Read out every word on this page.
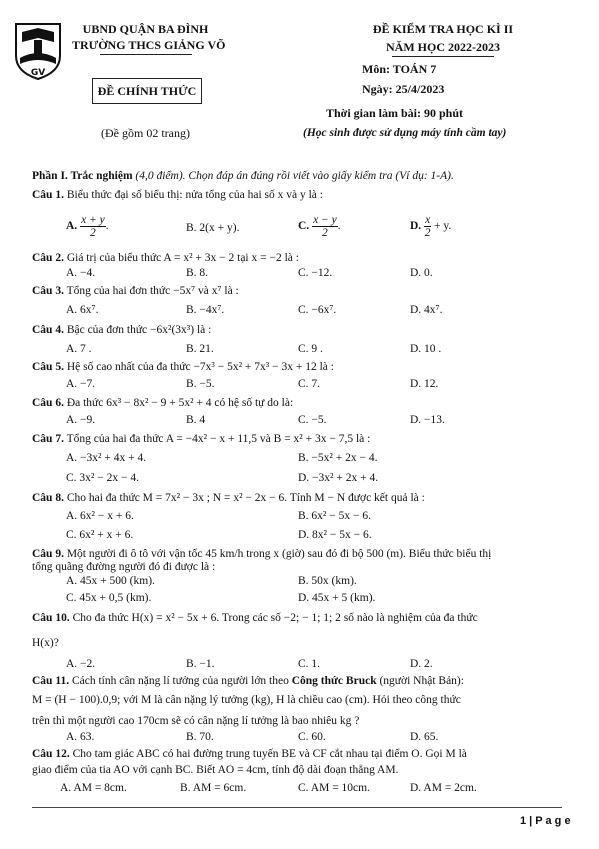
GV
UBND QUẬN BA ĐÌNH
TRƯỜNG THCS GIẢNG VÕ
ĐỀ CHÍNH THỨC
(Đề gồm 02 trang)
ĐỀ KIỂM TRA HỌC KÌ II
NĂM HỌC 2022-2023
Môn: TOÁN 7
Ngày: 25/4/2023
Thời gian làm bài: 90 phút
(Học sinh được sử dụng máy tính cầm tay)
Phần I. Trắc nghiệm (4,0 điểm). Chọn đáp án đúng rồi viết vào giấy kiểm tra (Ví dụ: 1-A).
Câu 1. Biểu thức đại số biểu thị: nửa tổng của hai số x và y là :
A. $\frac{x + y}{2}$ .	B. 2(x + y).	C. $\frac{x - y}{2}$ .	D. $\frac{x}{2} + y$.
Câu 2. Giá trị của biểu thức A = x² + 3x − 2 tại x = −2 là :
A. −4.	B. 8.	C. −12.	D. 0.
Câu 3. Tổng của hai đơn thức −5x⁷ và x⁷ là :
A. 6x⁷.	B. −4x⁷.	C. −6x⁷.	D. 4x⁷.
Câu 4. Bậc của đơn thức −6x²(3x³) là :
A. 7 .	B. 21.	C. 9 .	D. 10 .
Câu 5. Hệ số cao nhất của đa thức −7x³ − 5x² + 7x³ − 3x + 12 là :
A. −7.	B. −5.	C. 7.	D. 12.
Câu 6. Đa thức 6x³ − 8x² − 9 + 5x² + 4 có hệ số tự do là:
A. −9.	B. 4	C. −5.	D. −13.
Câu 7. Tổng của hai đa thức A = −4x² − x + 11,5 và B = x² + 3x − 7,5 là :
A. −3x² + 4x + 4.	B. −5x² + 2x − 4.
C. 3x² − 2x − 4.	D. −3x² + 2x + 4.
Câu 8. Cho hai đa thức M = 7x² − 3x ; N = x² − 2x − 6. Tính M − N được kết quả là :
A. 6x² − x + 6.	B. 6x² − 5x − 6.
C. 6x² + x + 6.	D. 8x² − 5x − 6.
Câu 9. Một người đi ô tô với vận tốc 45 km/h trong x (giờ) sau đó đi bộ 500 (m). Biểu thức biểu thị
tổng quãng đường người đó đi được là :
A. 45x + 500 (km).	B. 50x (km).
C. 45x + 0,5 (km).	D. 45x + 5 (km).
Câu 10. Cho đa thức H(x) = x² − 5x + 6. Trong các số −2; − 1; 1; 2 số nào là nghiệm của đa thức
H(x)?
A. −2.	B. −1.	C. 1.	D. 2.
Câu 11. Cách tính cân nặng lí tưởng của người lớn theo Công thức Bruck (người Nhật Bản):
M = (H − 100).0,9; với M là cân nặng lý tưởng (kg), H là chiều cao (cm). Hỏi theo công thức
trên thì một người cao 170cm sẽ có cân nặng lí tưởng là bao nhiêu kg ?
A. 63.	B. 70.	C. 60.	D. 65.
Câu 12. Cho tam giác ABC có hai đường trung tuyến BE và CF cắt nhau tại điểm O. Gọi M là
giao điểm của tia AO với cạnh BC. Biết AO = 4cm, tính độ dài đoạn thẳng AM.
A. AM = 8cm.	B. AM = 6cm.	C. AM = 10cm.	D. AM = 2cm.
1 | P a g e
